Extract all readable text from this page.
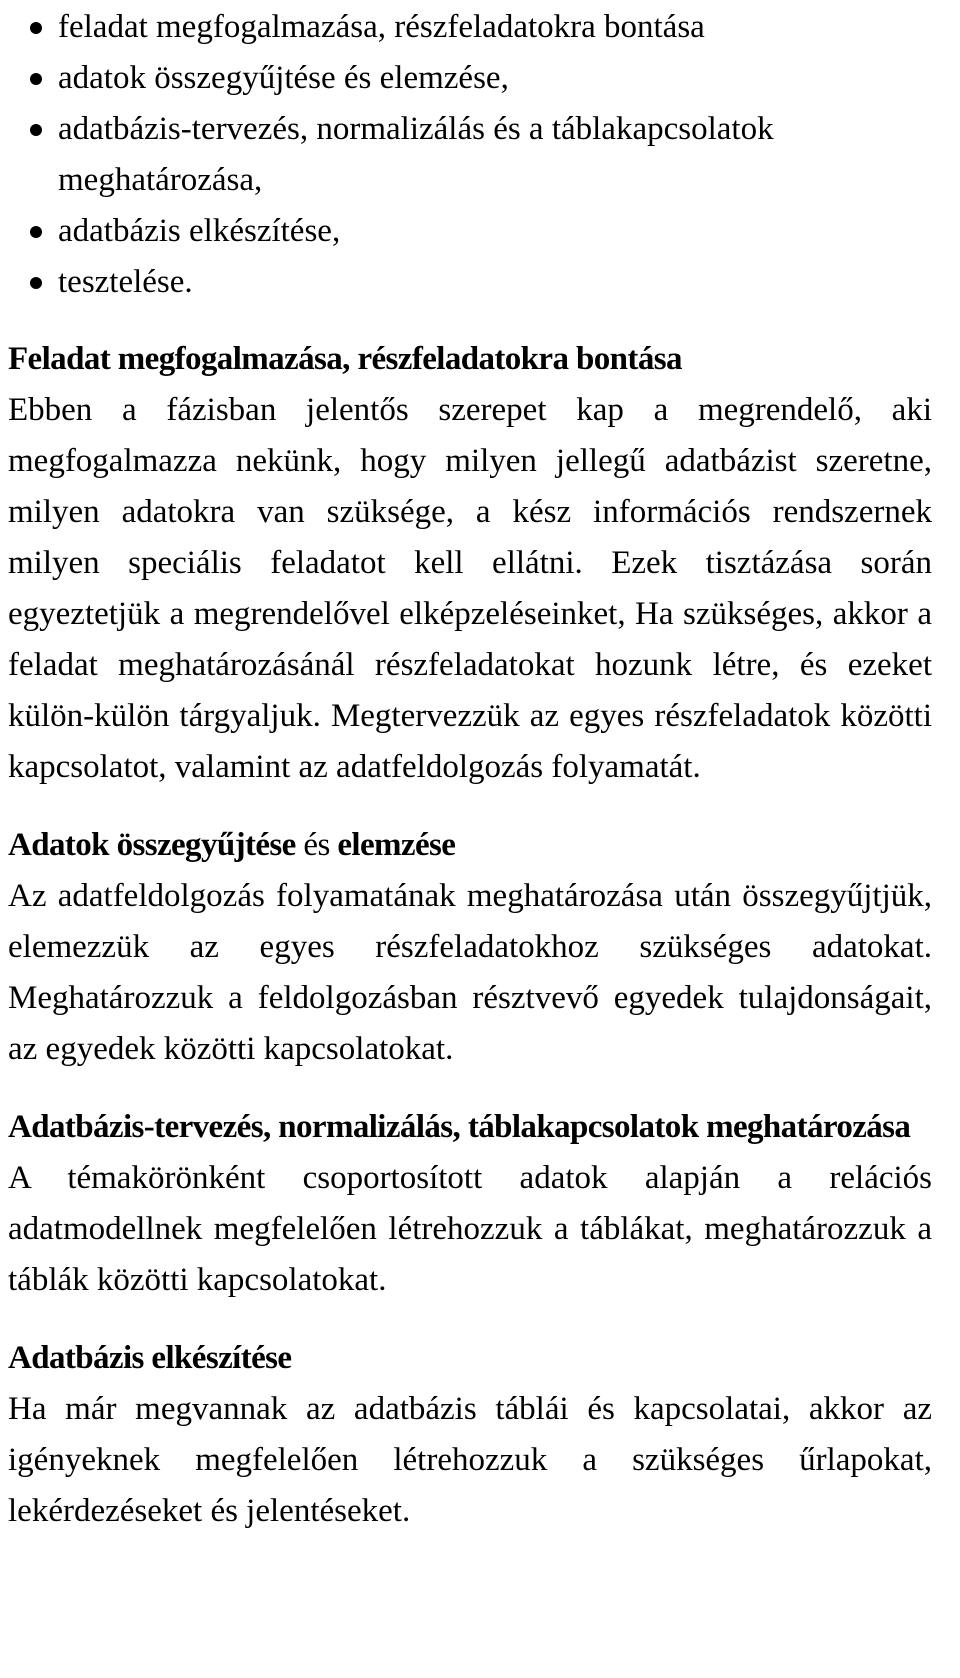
feladat megfogalmazása, részfeladatokra bontása
adatok összegyűjtése és elemzése,
adatbázis-tervezés, normalizálás és a táblakapcsolatok meghatározása,
adatbázis elkészítése,
tesztelése.
Feladat megfogalmazása, részfeladatokra bontása

Ebben a fázisban jelentős szerepet kap a megrendelő, aki megfogalmazza nekünk, hogy milyen jellegű adatbázist szeretne, milyen adatokra van szüksége, a kész információs rendszernek milyen speciális feladatot kell ellátni. Ezek tisztázása során egyeztetjük a megrendelővel elképzeléseinket, Ha szükséges, akkor a feladat meghatározásánál részfeladatokat hozunk létre, és ezeket külön-külön tárgyaljuk. Megtervezzük az egyes részfeladatok közötti kapcsolatot, valamint az adatfeldolgozás folyamatát.

Adatok összegyűjtése és elemzése

Az adatfeldolgozás folyamatának meghatározása után összegyűjtjük, elemezzük az egyes részfeladatokhoz szükséges adatokat. Meghatározzuk a feldolgozásban résztvevő egyedek tulajdonságait, az egyedek közötti kapcsolatokat.

Adatbázis-tervezés, normalizálás, táblakapcsolatok meghatározása

A témakörönként csoportosított adatok alapján a relációs adatmodellnek megfelelően létrehozzuk a táblákat, meghatározzuk a táblák közötti kapcsolatokat.

Adatbázis elkészítése

Ha már megvannak az adatbázis táblái és kapcsolatai, akkor az igényeknek megfelelően létrehozzuk a szükséges űrlapokat, lekérdezéseket és jelentéseket.
